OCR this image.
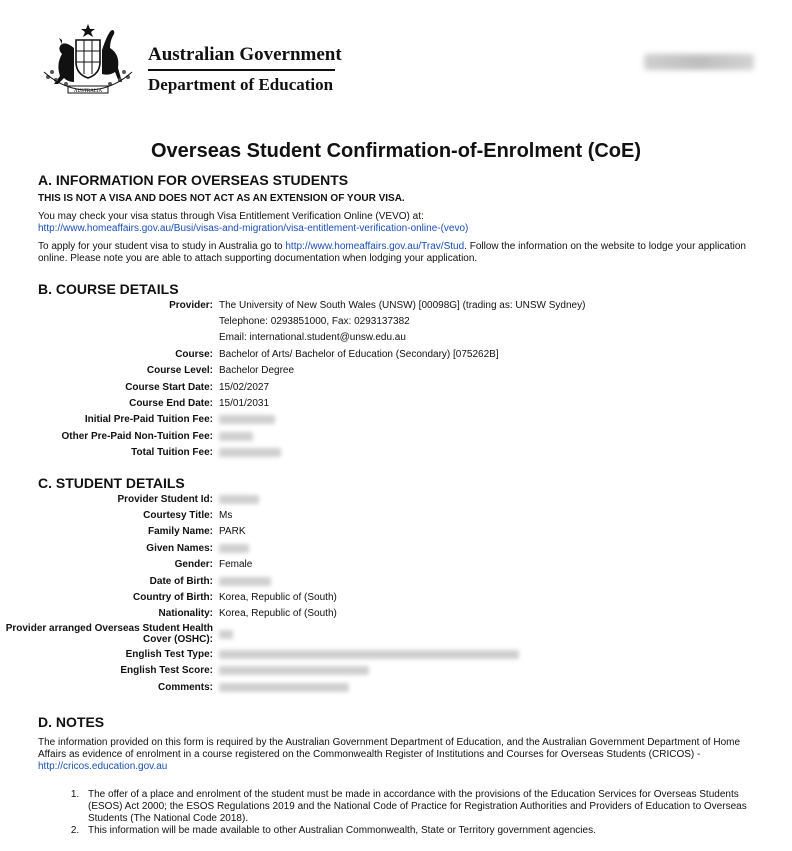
AUSTRALIA
Australian Government
Department of Education
Overseas Student Confirmation-of-Enrolment (CoE)
A. INFORMATION FOR OVERSEAS STUDENTS

THIS IS NOT A VISA AND DOES NOT ACT AS AN EXTENSION OF YOUR VISA.

You may check your visa status through Visa Entitlement Verification Online (VEVO) at:

http://www.homeaffairs.gov.au/Busi/visas-and-migration/visa-entitlement-verification-online-(vevo)

To apply for your student visa to study in Australia go to http://www.homeaffairs.gov.au/Trav/Stud. Follow the information on the website to lodge your application online. Please note you are able to attach supporting documentation when lodging your application.

B. COURSE DETAILS
Provider: The University of New South Wales (UNSW) [00098G] (trading as: UNSW Sydney)
Telephone: 0293851000, Fax: 0293137382
Email: international.student@unsw.edu.au
Course: Bachelor of Arts/ Bachelor of Education (Secondary) [075262B]
Course Level: Bachelor Degree
Course Start Date: 15/02/2027
Course End Date: 15/01/2031
Initial Pre-Paid Tuition Fee:
Other Pre-Paid Non-Tuition Fee:
Total Tuition Fee:
C. STUDENT DETAILS
Provider Student Id:
Courtesy Title: Ms
Family Name: PARK
Given Names:
Gender: Female
Date of Birth:
Country of Birth: Korea, Republic of (South)
Nationality: Korea, Republic of (South)
Provider arranged Overseas Student Health Cover (OSHC):
English Test Type:
English Test Score:
Comments:
D. NOTES

The information provided on this form is required by the Australian Government Department of Education, and the Australian Government Department of Home Affairs as evidence of enrolment in a course registered on the Commonwealth Register of Institutions and Courses for Overseas Students (CRICOS) - http://cricos.education.gov.au

1. The offer of a place and enrolment of the student must be made in accordance with the provisions of the Education Services for Overseas Students (ESOS) Act 2000; the ESOS Regulations 2019 and the National Code of Practice for Registration Authorities and Providers of Education to Overseas Students (The National Code 2018).
2. This information will be made available to other Australian Commonwealth, State or Territory government agencies.
